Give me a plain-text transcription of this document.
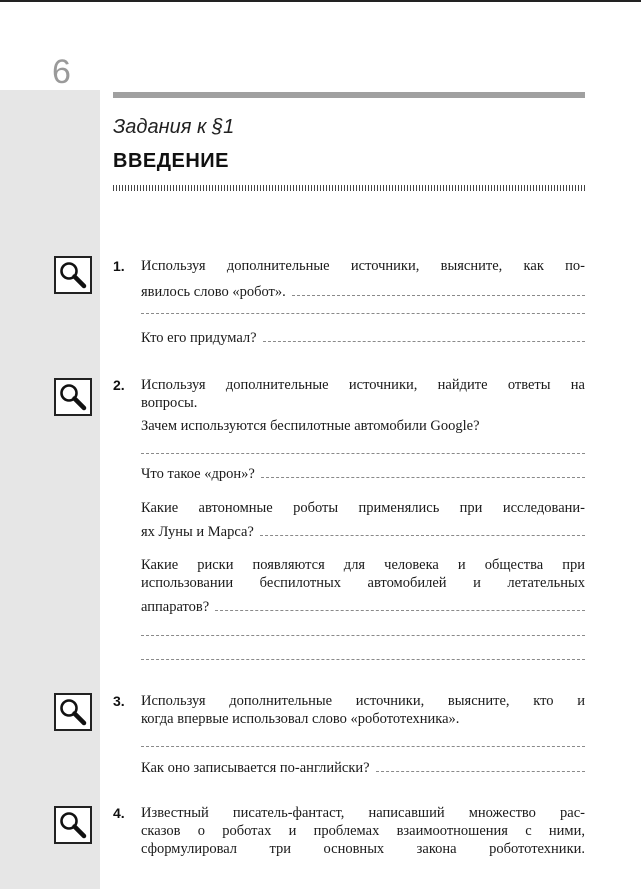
6
Задания к §1
ВВЕДЕНИЕ
1. Используя дополнительные источники, выясните, как по-
явилось слово «робот».
Кто его придумал?
2. Используя дополнительные источники, найдите ответы на
вопросы.
Зачем используются беспилотные автомобили Google?
Что такое «дрон»?
Какие автономные роботы применялись при исследовани-
ях Луны и Марса?
Какие риски появляются для человека и общества при
использовании беспилотных автомобилей и летательных
аппаратов?
3. Используя дополнительные источники, выясните, кто и
когда впервые использовал слово «робототехника».
Как оно записывается по-английски?
4. Известный писатель-фантаст, написавший множество рас-
сказов о роботах и проблемах взаимоотношения с ними,
сформулировал три основных закона робототехники.
